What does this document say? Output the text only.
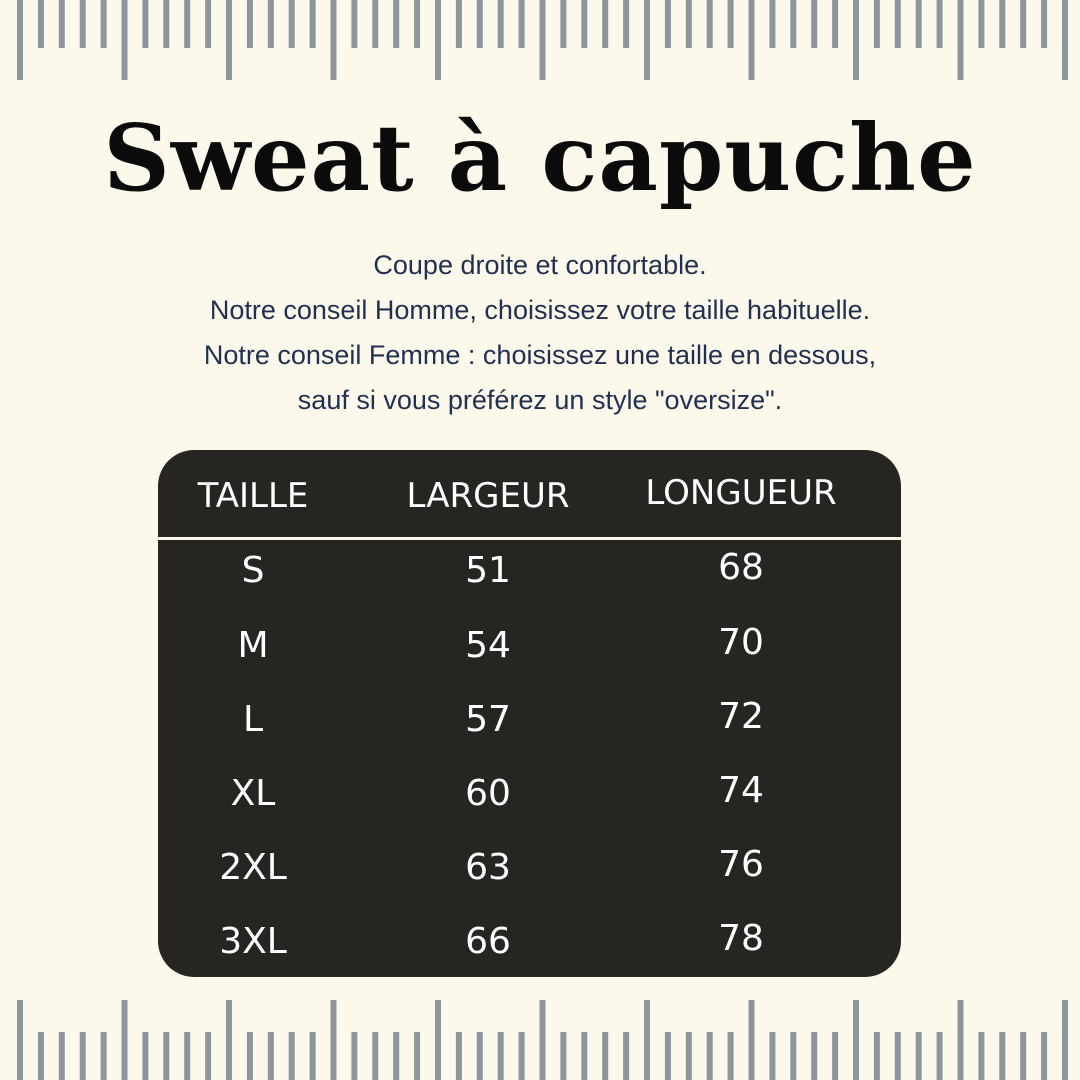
Sweat à capuche
Coupe droite et confortable.
Notre conseil Homme, choisissez votre taille habituelle.
Notre conseil Femme : choisissez une taille en dessous,
sauf si vous préférez un style "oversize".
TAILLE	LARGEUR	LONGUEUR
S	51	68
M	54	70
L	57	72
XL	60	74
2XL	63	76
3XL	66	78
